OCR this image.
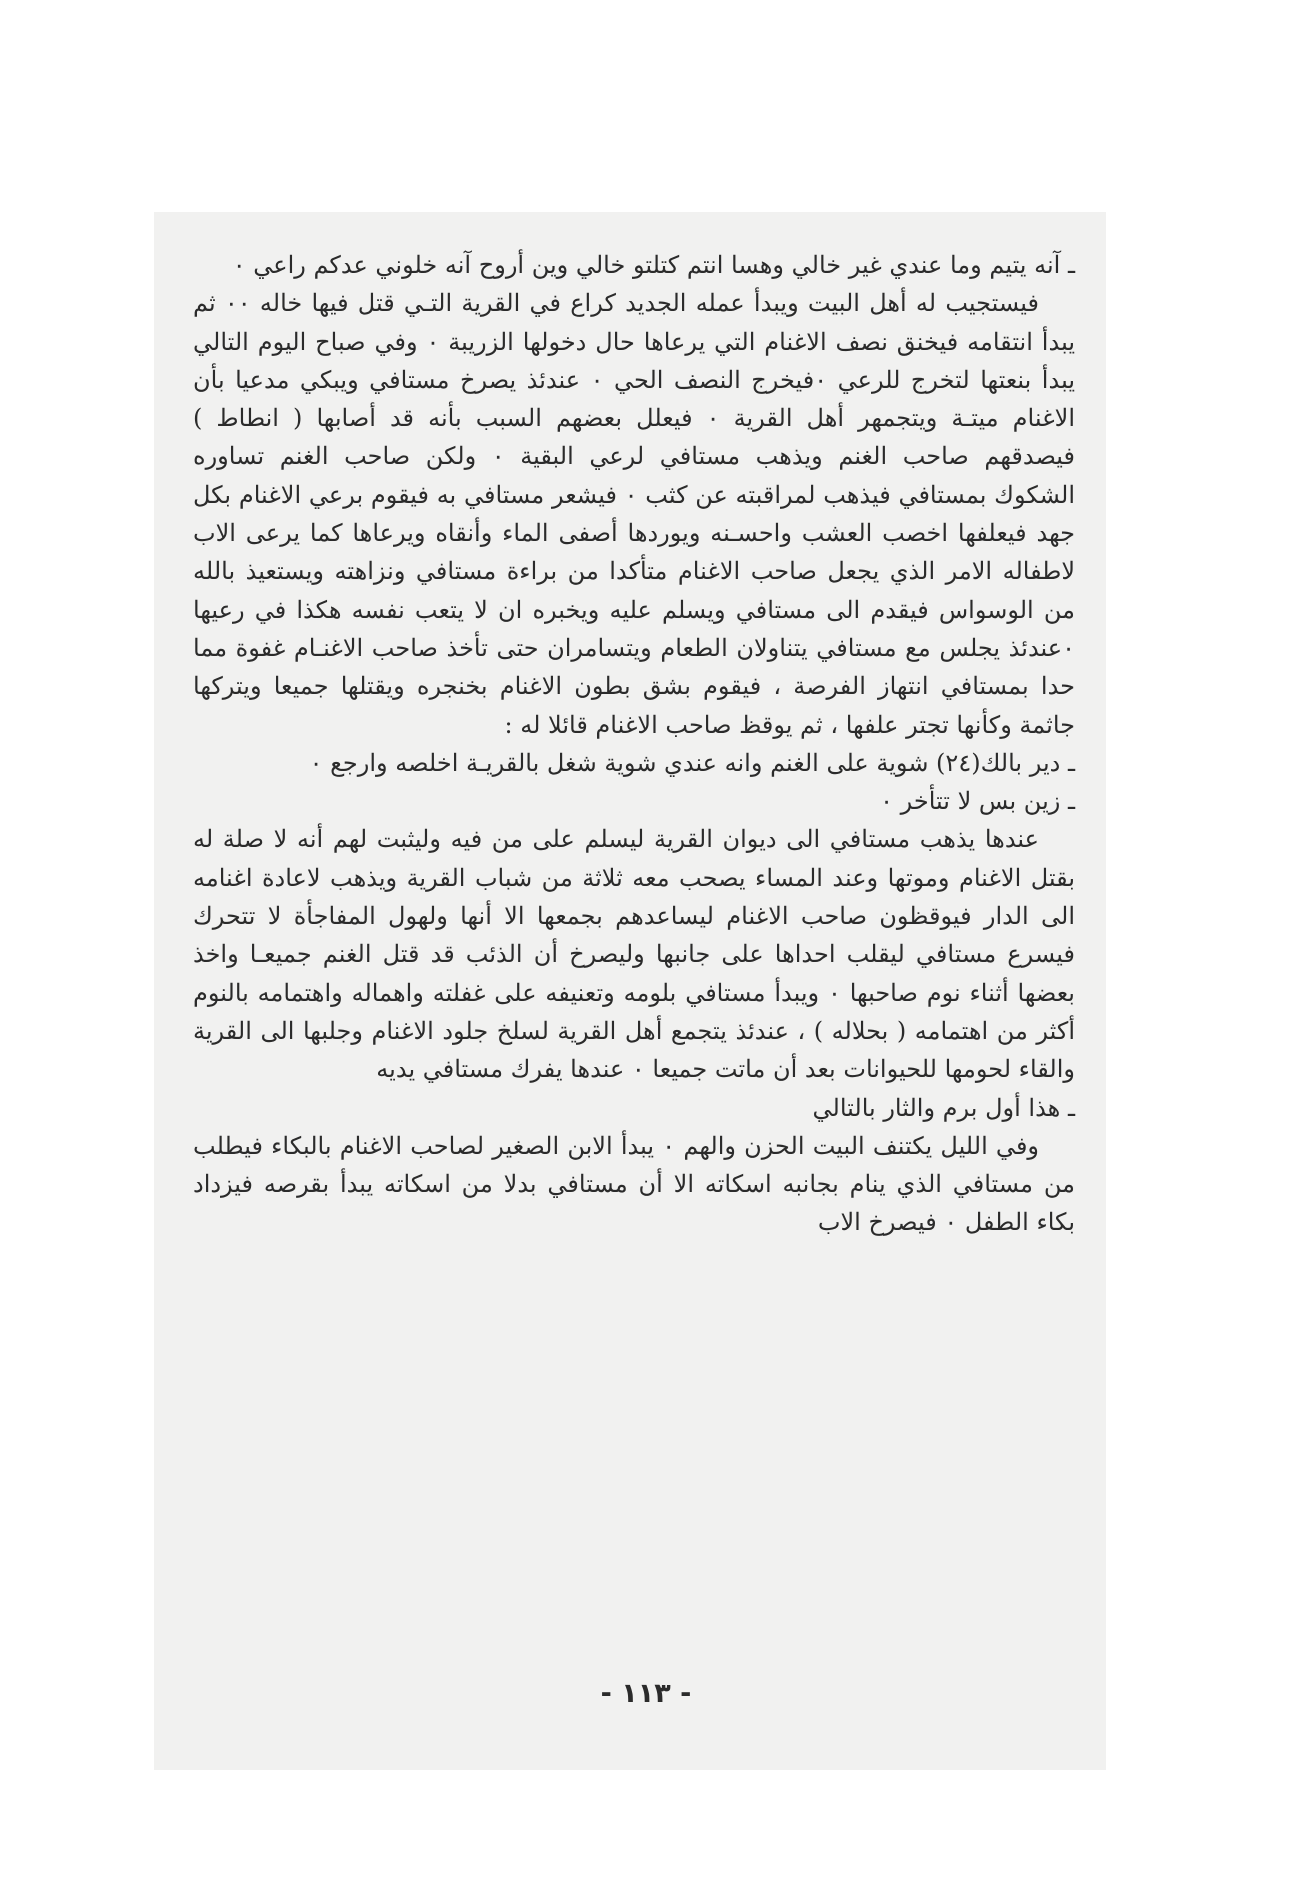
ـ آنه يتيم وما عندي غير خالي وهسا انتم كتلتو خالي وين أروح آنه خلوني عدكم راعي ٠

فيستجيب له أهل البيت ويبدأ عمله الجديد كراع في القرية التـي قتل فيها خاله ٠٠ ثم يبدأ انتقامه فيخنق نصف الاغنام التي يرعاها حال دخولها الزريبة ٠ وفي صباح اليوم التالي يبدأ بنعتها لتخرج للرعي ٠فيخرج النصف الحي ٠ عندئذ يصرخ مستافي ويبكي مدعيا بأن الاغنام ميتـة ويتجمهر أهل القرية ٠ فيعلل بعضهم السبب بأنه قد أصابها ( انطاط ) فيصدقهم صاحب الغنم ويذهب مستافي لرعي البقية ٠ ولكن صاحب الغنم تساوره الشكوك بمستافي فيذهب لمراقبته عن كثب ٠ فيشعر مستافي به فيقوم برعي الاغنام بكل جهد فيعلفها اخصب العشب واحسـنه ويوردها أصفى الماء وأنقاه ويرعاها كما يرعى الاب لاطفاله الامر الذي يجعل صاحب الاغنام متأكدا من براءة مستافي ونزاهته ويستعيذ بالله من الوسواس فيقدم الى مستافي ويسلم عليه ويخبره ان لا يتعب نفسه هكذا في رعيها ٠عندئذ يجلس مع مستافي يتناولان الطعام ويتسامران حتى تأخذ صاحب الاغنـام غفوة مما حدا بمستافي انتهاز الفرصة ، فيقوم بشق بطون الاغنام بخنجره ويقتلها جميعا ويتركها جاثمة وكأنها تجتر علفها ، ثم يوقظ صاحب الاغنام قائلا له :

ـ دير بالك(٢٤) شوية على الغنم وانه عندي شوية شغل بالقريـة اخلصه وارجع ٠

ـ زين بس لا تتأخر ٠

عندها يذهب مستافي الى ديوان القرية ليسلم على من فيه وليثبت لهم أنه لا صلة له بقتل الاغنام وموتها وعند المساء يصحب معه ثلاثة من شباب القرية ويذهب لاعادة اغنامه الى الدار فيوقظون صاحب الاغنام ليساعدهم بجمعها الا أنها ولهول المفاجأة لا تتحرك فيسرع مستافي ليقلب احداها على جانبها وليصرخ أن الذئب قد قتل الغنم جميعـا واخذ بعضها أثناء نوم صاحبها ٠ ويبدأ مستافي بلومه وتعنيفه على غفلته واهماله واهتمامه بالنوم أكثر من اهتمامه ( بحلاله ) ، عندئذ يتجمع أهل القرية لسلخ جلود الاغنام وجلبها الى القرية والقاء لحومها للحيوانات بعد أن ماتت جميعا ٠ عندها يفرك مستافي يديه

ـ هذا أول برم والثار بالتالي

وفي الليل يكتنف البيت الحزن والهم ٠ يبدأ الابن الصغير لصاحب الاغنام بالبكاء فيطلب من مستافي الذي ينام بجانبه اسكاته الا أن مستافي بدلا من اسكاته يبدأ بقرصه فيزداد بكاء الطفل ٠ فيصرخ الاب

- ١١٣ -
